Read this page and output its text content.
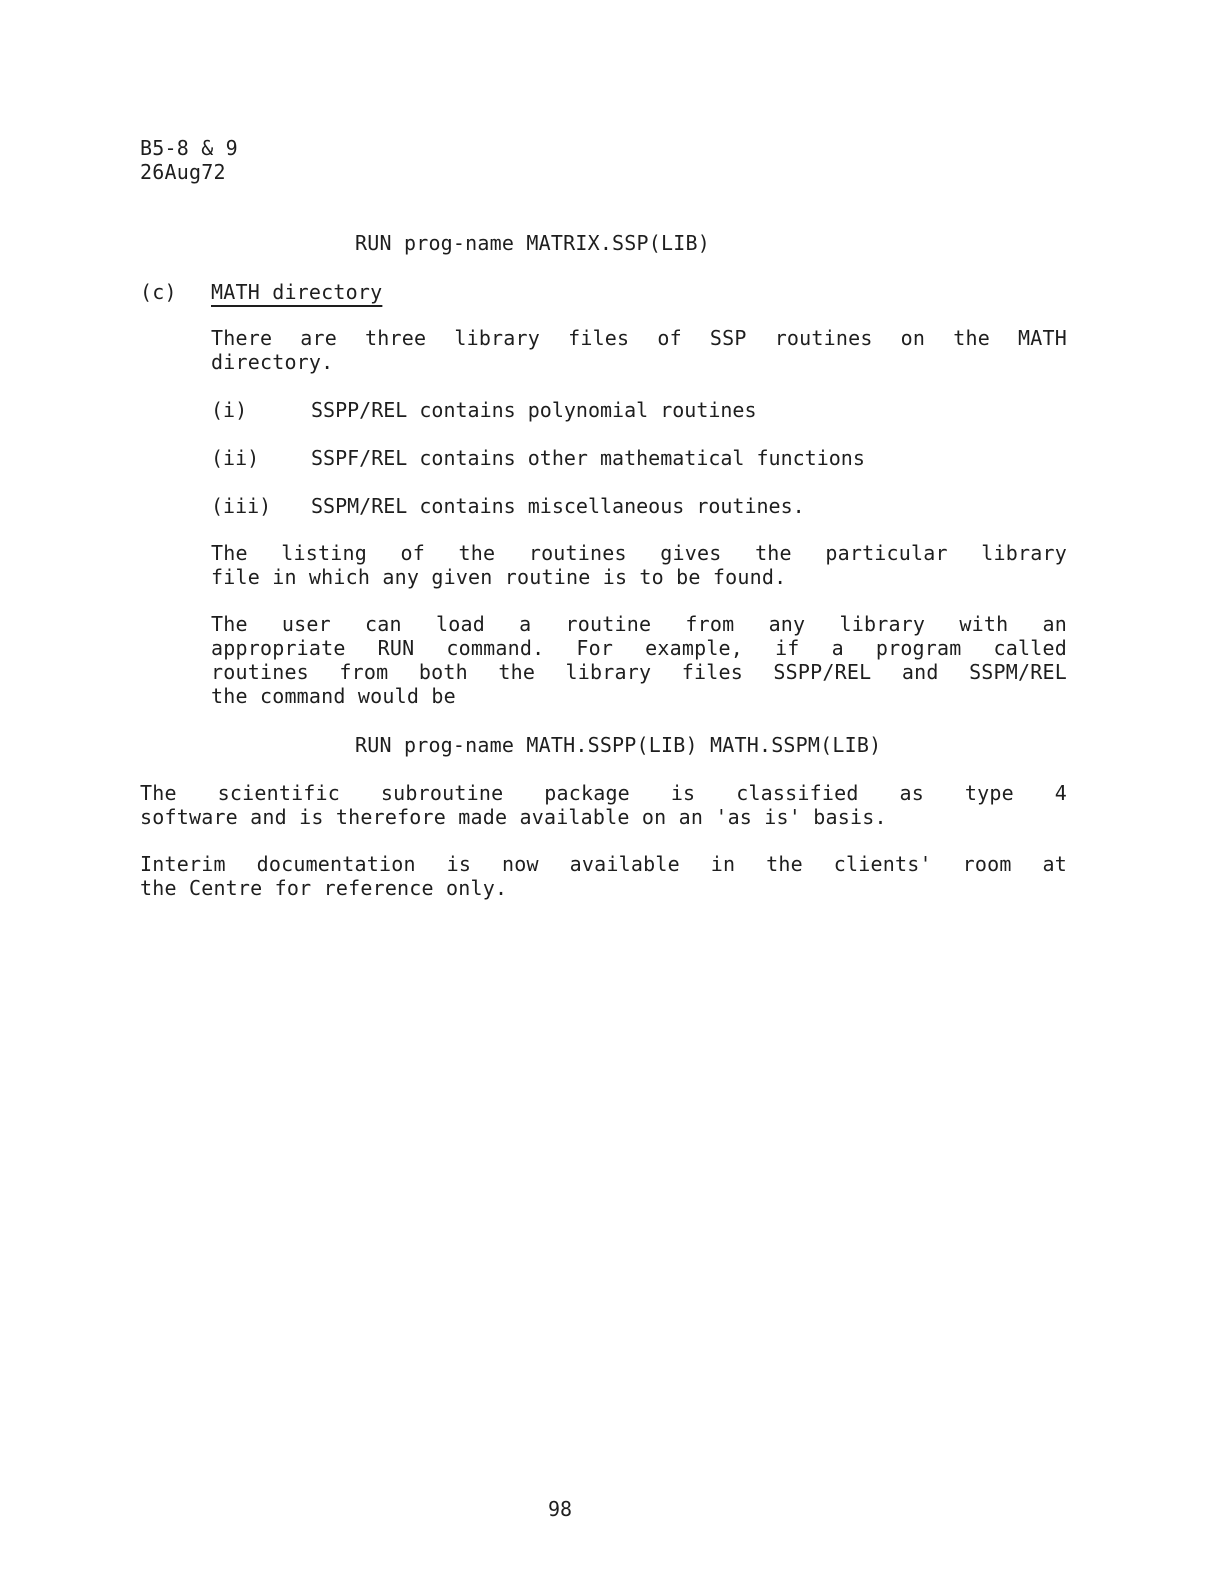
B5-8 & 9
26Aug72
RUN prog-name MATRIX.SSP(LIB)
(c) MATH directory
There are three library files of SSP routines on the MATH
directory.
(i)	SSPP/REL contains polynomial routines
(ii)	SSPF/REL contains other mathematical functions
(iii) SSPM/REL contains miscellaneous routines.
The listing of the routines gives the particular library
file in which any given routine is to be found.
The user can load a routine from any library with an
appropriate RUN command. For example, if a program called
routines from both the library files SSPP/REL and SSPM/REL
the command would be
RUN prog-name MATH.SSPP(LIB) MATH.SSPM(LIB)
The scientific subroutine package is classified as type 4
software and is therefore made available on an 'as is' basis.
Interim documentation is now available in the clients' room at
the Centre for reference only.
98
